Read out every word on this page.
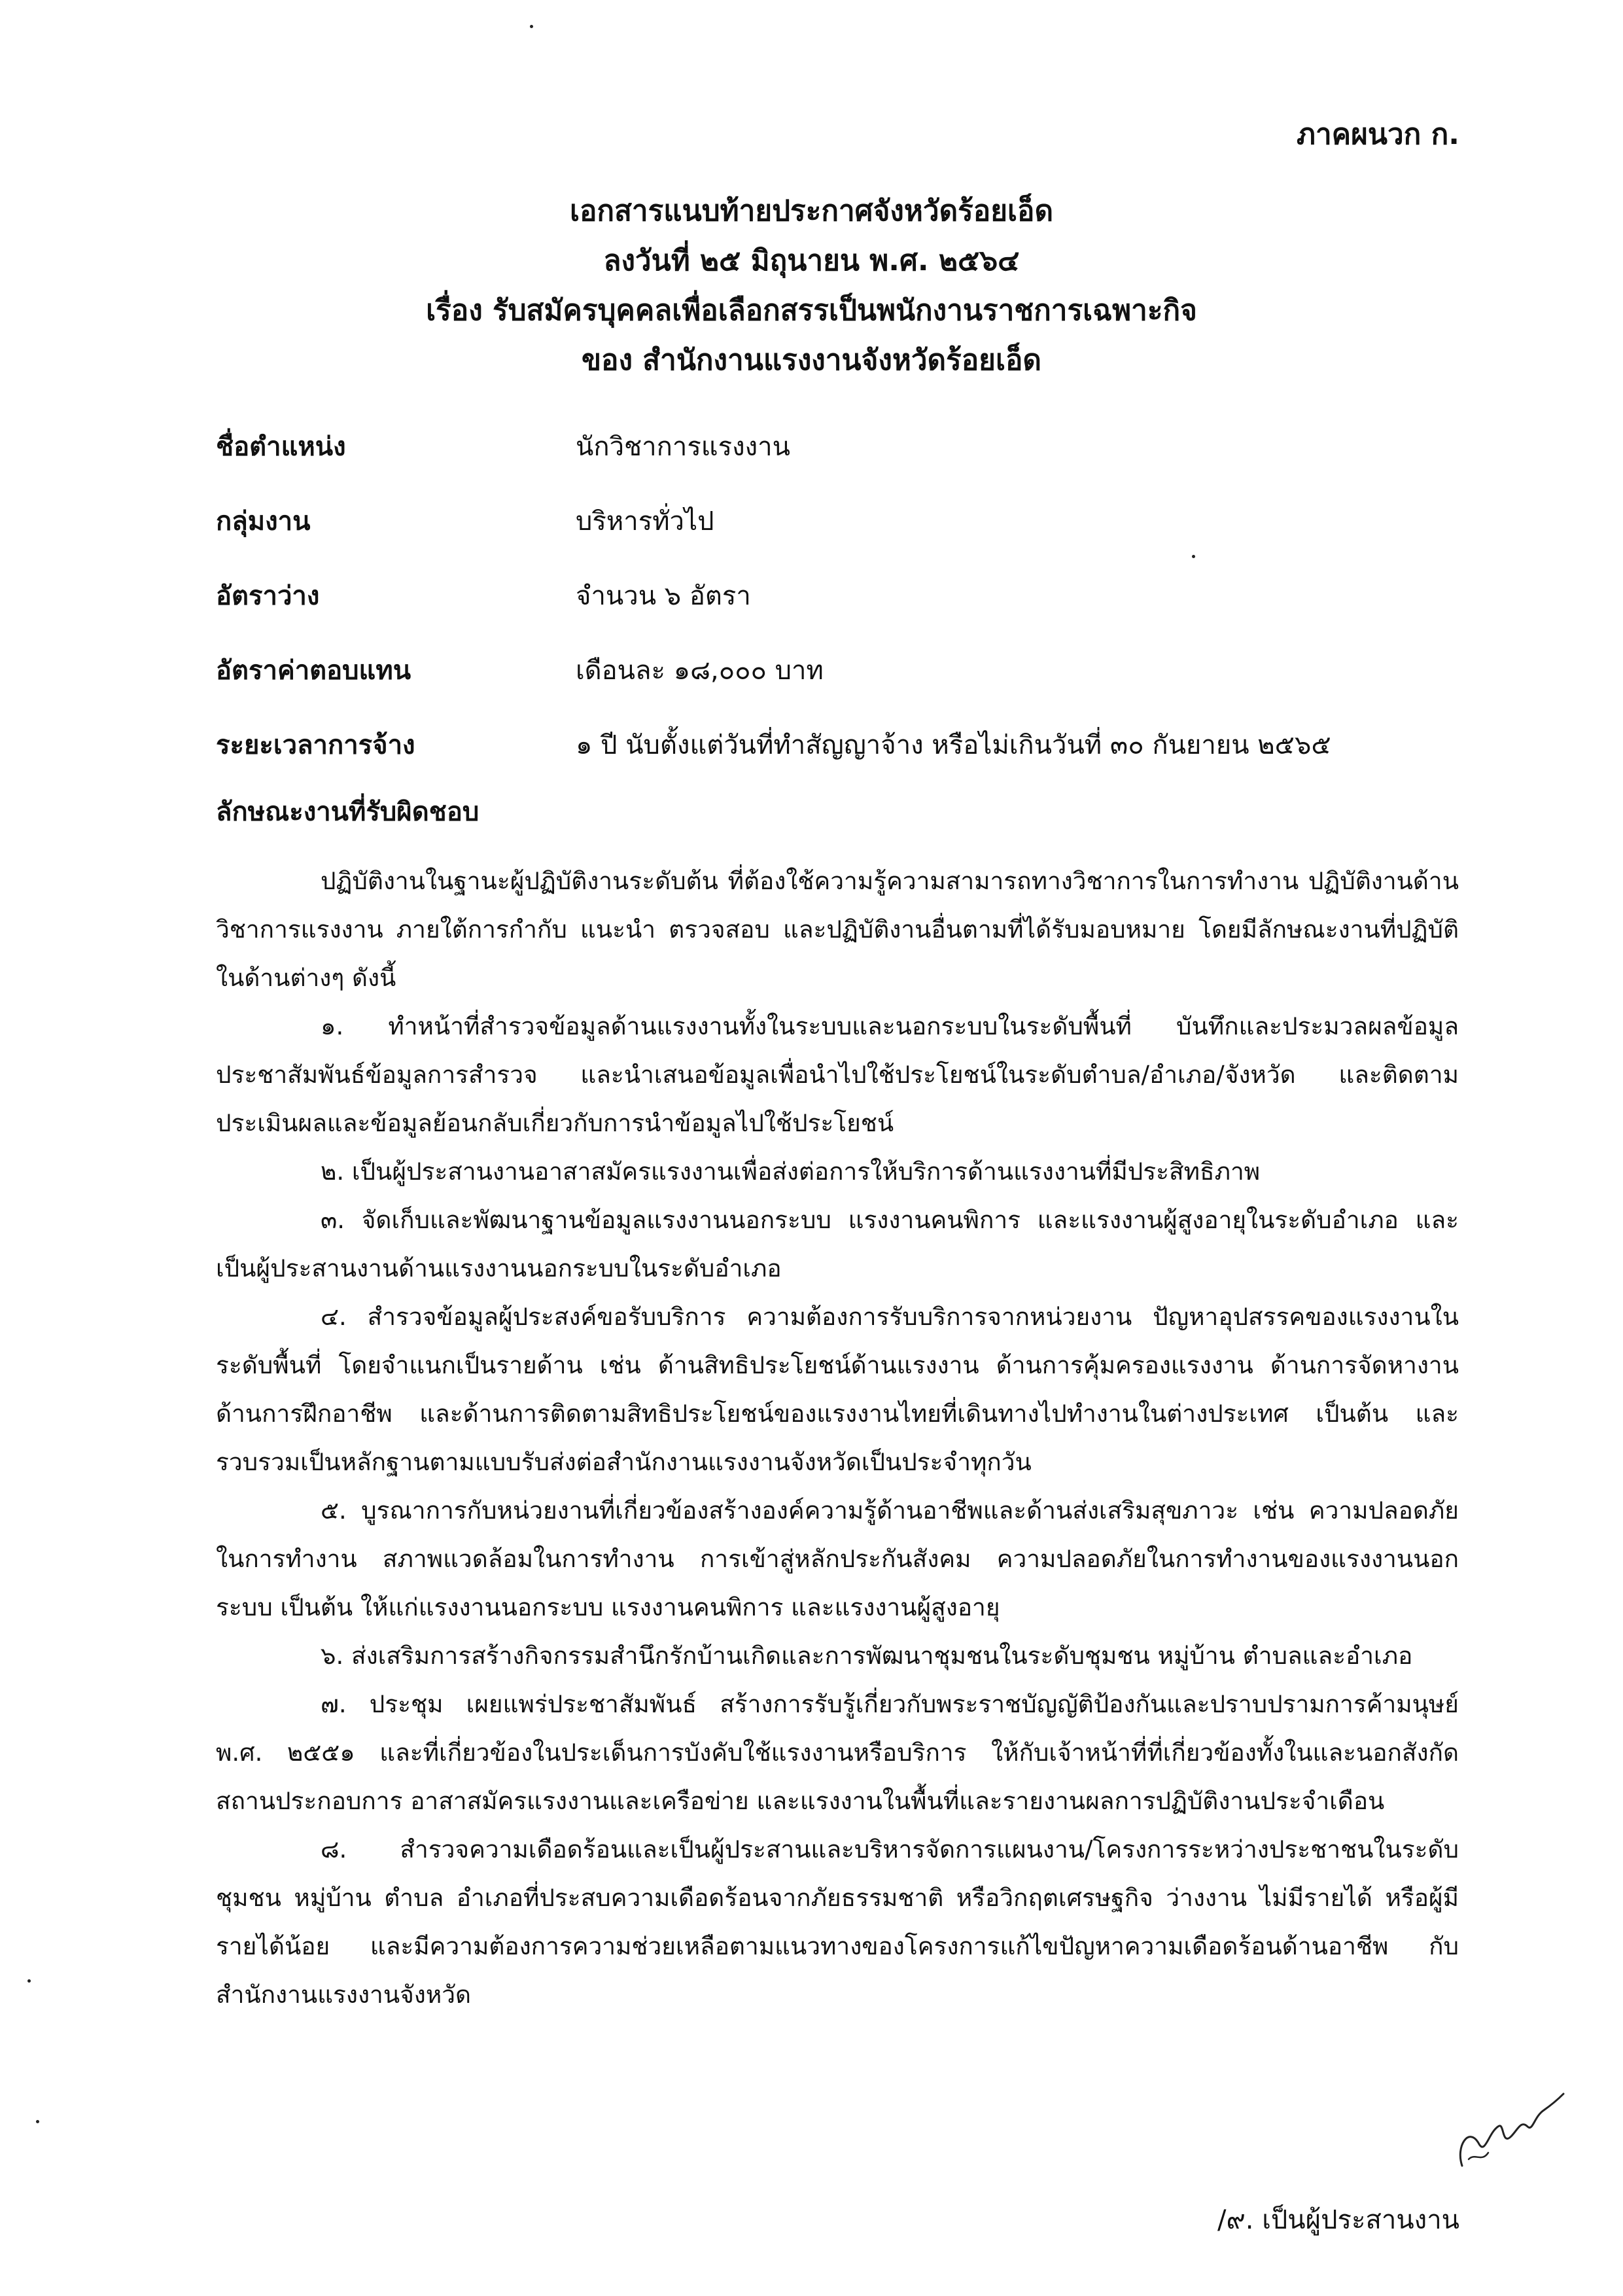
ภาคผนวก ก.
เอกสารแนบท้ายประกาศจังหวัดร้อยเอ็ด
ลงวันที่ ๒๕ มิถุนายน พ.ศ. ๒๕๖๔
เรื่อง รับสมัครบุคคลเพื่อเลือกสรรเป็นพนักงานราชการเฉพาะกิจ
ของ สำนักงานแรงงานจังหวัดร้อยเอ็ด
ชื่อตำแหน่ง	นักวิชาการแรงงาน
กลุ่มงาน	บริหารทั่วไป
อัตราว่าง	จำนวน ๖ อัตรา
อัตราค่าตอบแทน	เดือนละ ๑๘,๐๐๐ บาท
ระยะเวลาการจ้าง	๑ ปี นับตั้งแต่วันที่ทำสัญญาจ้าง หรือไม่เกินวันที่ ๓๐ กันยายน ๒๕๖๕
ลักษณะงานที่รับผิดชอบ

ปฏิบัติงานในฐานะผู้ปฏิบัติงานระดับต้น ที่ต้องใช้ความรู้ความสามารถทางวิชาการในการทำงาน ปฏิบัติงานด้านวิชาการแรงงาน ภายใต้การกำกับ แนะนำ ตรวจสอบ และปฏิบัติงานอื่นตามที่ได้รับมอบหมาย โดยมีลักษณะงานที่ปฏิบัติในด้านต่างๆ ดังนี้

๑. ทำหน้าที่สำรวจข้อมูลด้านแรงงานทั้งในระบบและนอกระบบในระดับพื้นที่ บันทึกและประมวลผลข้อมูล ประชาสัมพันธ์ข้อมูลการสำรวจ และนำเสนอข้อมูลเพื่อนำไปใช้ประโยชน์ในระดับตำบล/อำเภอ/จังหวัด และติดตามประเมินผลและข้อมูลย้อนกลับเกี่ยวกับการนำข้อมูลไปใช้ประโยชน์

๒. เป็นผู้ประสานงานอาสาสมัครแรงงานเพื่อส่งต่อการให้บริการด้านแรงงานที่มีประสิทธิภาพ

๓. จัดเก็บและพัฒนาฐานข้อมูลแรงงานนอกระบบ แรงงานคนพิการ และแรงงานผู้สูงอายุในระดับอำเภอ และเป็นผู้ประสานงานด้านแรงงานนอกระบบในระดับอำเภอ

๔. สำรวจข้อมูลผู้ประสงค์ขอรับบริการ ความต้องการรับบริการจากหน่วยงาน ปัญหาอุปสรรคของแรงงานในระดับพื้นที่ โดยจำแนกเป็นรายด้าน เช่น ด้านสิทธิประโยชน์ด้านแรงงาน ด้านการคุ้มครองแรงงาน ด้านการจัดหางาน ด้านการฝึกอาชีพ และด้านการติดตามสิทธิประโยชน์ของแรงงานไทยที่เดินทางไปทำงานในต่างประเทศ เป็นต้น และรวบรวมเป็นหลักฐานตามแบบรับส่งต่อสำนักงานแรงงานจังหวัดเป็นประจำทุกวัน

๕. บูรณาการกับหน่วยงานที่เกี่ยวข้องสร้างองค์ความรู้ด้านอาชีพและด้านส่งเสริมสุขภาวะ เช่น ความปลอดภัยในการทำงาน สภาพแวดล้อมในการทำงาน การเข้าสู่หลักประกันสังคม ความปลอดภัยในการทำงานของแรงงานนอกระบบ เป็นต้น ให้แก่แรงงานนอกระบบ แรงงานคนพิการ และแรงงานผู้สูงอายุ

๖. ส่งเสริมการสร้างกิจกรรมสำนึกรักบ้านเกิดและการพัฒนาชุมชนในระดับชุมชน หมู่บ้าน ตำบลและอำเภอ

๗. ประชุม เผยแพร่ประชาสัมพันธ์ สร้างการรับรู้เกี่ยวกับพระราชบัญญัติป้องกันและปราบปรามการค้ามนุษย์ พ.ศ. ๒๕๕๑ และที่เกี่ยวข้องในประเด็นการบังคับใช้แรงงานหรือบริการ ให้กับเจ้าหน้าที่ที่เกี่ยวข้องทั้งในและนอกสังกัด สถานประกอบการ อาสาสมัครแรงงานและเครือข่าย และแรงงานในพื้นที่และรายงานผลการปฏิบัติงานประจำเดือน

๘. สำรวจความเดือดร้อนและเป็นผู้ประสานและบริหารจัดการแผนงาน/โครงการระหว่างประชาชนในระดับชุมชน หมู่บ้าน ตำบล อำเภอที่ประสบความเดือดร้อนจากภัยธรรมชาติ หรือวิกฤตเศรษฐกิจ ว่างงาน ไม่มีรายได้ หรือผู้มีรายได้น้อย และมีความต้องการความช่วยเหลือตามแนวทางของโครงการแก้ไขปัญหาความเดือดร้อนด้านอาชีพ กับสำนักงานแรงงานจังหวัด

/๙. เป็นผู้ประสานงาน
